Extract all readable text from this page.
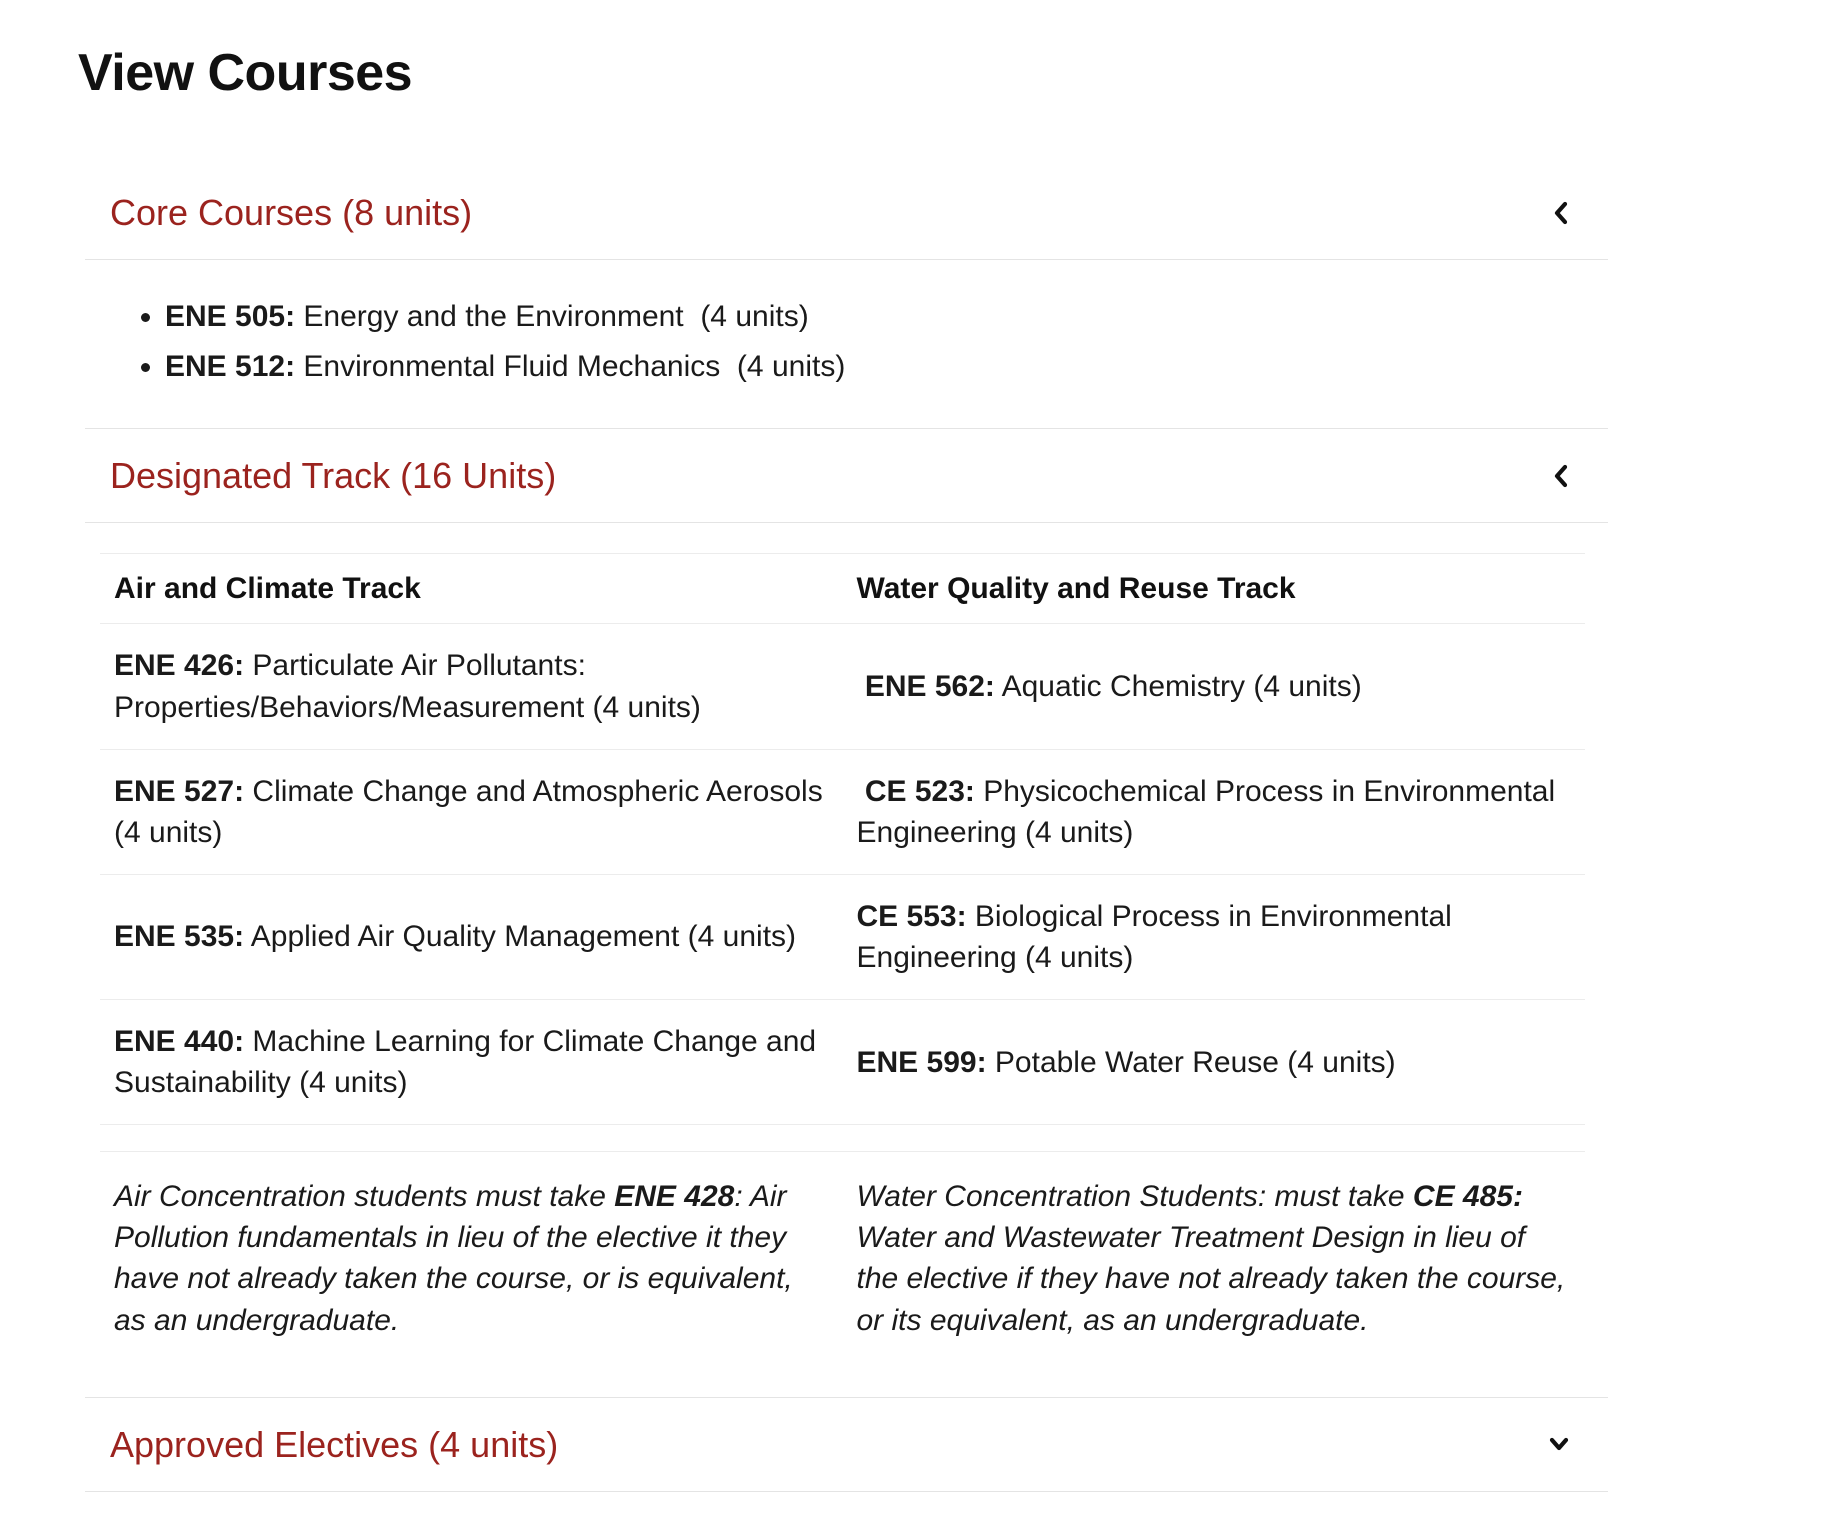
View Courses
Core Courses (8 units)
• ENE 505: Energy and the Environment  (4 units)
• ENE 512: Environmental Fluid Mechanics  (4 units)
Designated Track (16 Units)
Air and Climate Track	Water Quality and Reuse Track
ENE 426: Particulate Air Pollutants: Properties/Behaviors/Measurement (4 units)	ENE 562: Aquatic Chemistry (4 units)
ENE 527: Climate Change and Atmospheric Aerosols (4 units)	CE 523: Physicochemical Process in Environmental Engineering (4 units)
ENE 535: Applied Air Quality Management (4 units)	CE 553: Biological Process in Environmental Engineering (4 units)
ENE 440: Machine Learning for Climate Change and Sustainability (4 units)	ENE 599: Potable Water Reuse (4 units)

Air Concentration students must take ENE 428: Air Pollution fundamentals in lieu of the elective it they have not already taken the course, or is equivalent, as an undergraduate.	Water Concentration Students: must take CE 485: Water and Wastewater Treatment Design in lieu of the elective if they have not already taken the course, or its equivalent, as an undergraduate.
Approved Electives (4 units)
